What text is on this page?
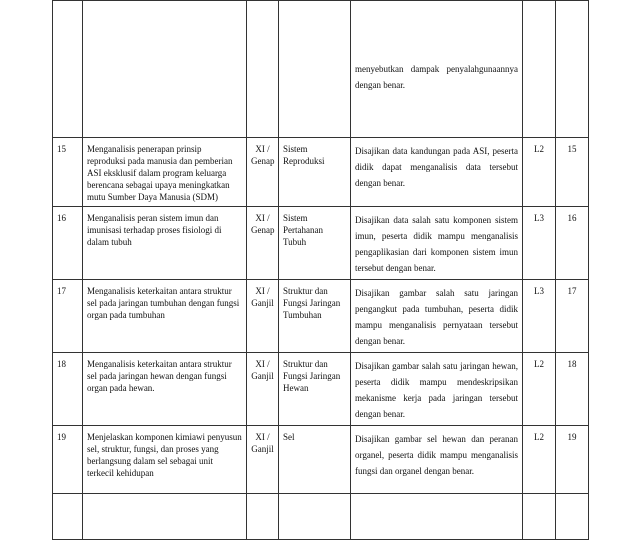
				menyebutkan dampak penyalahgunaannya dengan benar.		
15	Menganalisis penerapan prinsip reproduksi pada manusia dan pemberian ASI eksklusif dalam program keluarga berencana sebagai upaya meningkatkan mutu Sumber Daya Manusia (SDM)	XI / Genap	Sistem Reproduksi	Disajikan data kandungan pada ASI, peserta didik dapat menganalisis data tersebut dengan benar.	L2	15
16	Menganalisis peran sistem imun dan imunisasi terhadap proses fisiologi di dalam tubuh	XI / Genap	Sistem Pertahanan Tubuh	Disajikan data salah satu komponen sistem imun, peserta didik mampu menganalisis pengaplikasian dari komponen sistem imun tersebut dengan benar.	L3	16
17	Menganalisis keterkaitan antara struktur sel pada jaringan tumbuhan dengan fungsi organ pada tumbuhan	XI / Ganjil	Struktur dan Fungsi Jaringan Tumbuhan	Disajikan gambar salah satu jaringan pengangkut pada tumbuhan, peserta didik mampu menganalisis pernyataan tersebut dengan benar.	L3	17
18	Menganalisis keterkaitan antara struktur sel pada jaringan hewan dengan fungsi organ pada hewan.	XI / Ganjil	Struktur dan Fungsi Jaringan Hewan	Disajikan gambar salah satu jaringan hewan, peserta didik mampu mendeskripsikan mekanisme kerja pada jaringan tersebut dengan benar.	L2	18
19	Menjelaskan komponen kimiawi penyusun sel, struktur, fungsi, dan proses yang berlangsung dalam sel sebagai unit terkecil kehidupan	XI / Ganjil	Sel	Disajikan gambar sel hewan dan peranan organel, peserta didik mampu menganalisis fungsi dan organel dengan benar.	L2	19
